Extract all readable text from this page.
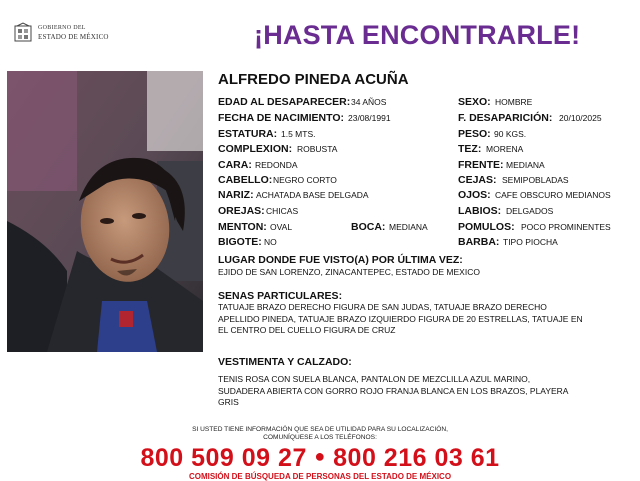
GOBIERNO DEL
ESTADO DE MÉXICO	¡HASTA ENCONTRARLE!
ALFREDO PINEDA ACUÑA
EDAD AL DESAPARECER: 34 AÑOS
FECHA DE NACIMIENTO: 23/08/1991
ESTATURA: 1.5 MTS.
COMPLEXION: ROBUSTA
CARA: REDONDA
CABELLO: NEGRO CORTO
NARIZ: ACHATADA BASE DELGADA
OREJAS: CHICAS
MENTON: OVAL	BOCA: MEDIANA
BIGOTE: NO
SEXO: HOMBRE
F. DESAPARICIÓN: 20/10/2025
PESO: 90 KGS.
TEZ: MORENA
FRENTE: MEDIANA
CEJAS: SEMIPOBLADAS
OJOS: CAFE OBSCURO MEDIANOS
LABIOS: DELGADOS
POMULOS: POCO PROMINENTES
BARBA: TIPO PIOCHA
LUGAR DONDE FUE VISTO(A) POR ÚLTIMA VEZ:
EJIDO DE SAN LORENZO, ZINACANTEPEC, ESTADO DE MEXICO
SENAS PARTICULARES:
TATUAJE BRAZO DERECHO FIGURA DE SAN JUDAS, TATUAJE BRAZO DERECHO
APELLIDO PINEDA, TATUAJE BRAZO IZQUIERDO FIGURA DE 20 ESTRELLAS, TATUAJE EN
EL CENTRO DEL CUELLO FIGURA DE CRUZ
VESTIMENTA Y CALZADO:
TENIS ROSA CON SUELA BLANCA, PANTALON DE MEZCLILLA AZUL MARINO,
SUDADERA ABIERTA CON GORRO ROJO FRANJA BLANCA EN LOS BRAZOS, PLAYERA
GRIS
SI USTED TIENE INFORMACIÓN QUE SEA DE UTILIDAD PARA SU LOCALIZACIÓN,
COMUNÍQUESE A LOS TELÉFONOS:
800 509 09 27 ● 800 216 03 61
COMISIÓN DE BÚSQUEDA DE PERSONAS DEL ESTADO DE MÉXICO
